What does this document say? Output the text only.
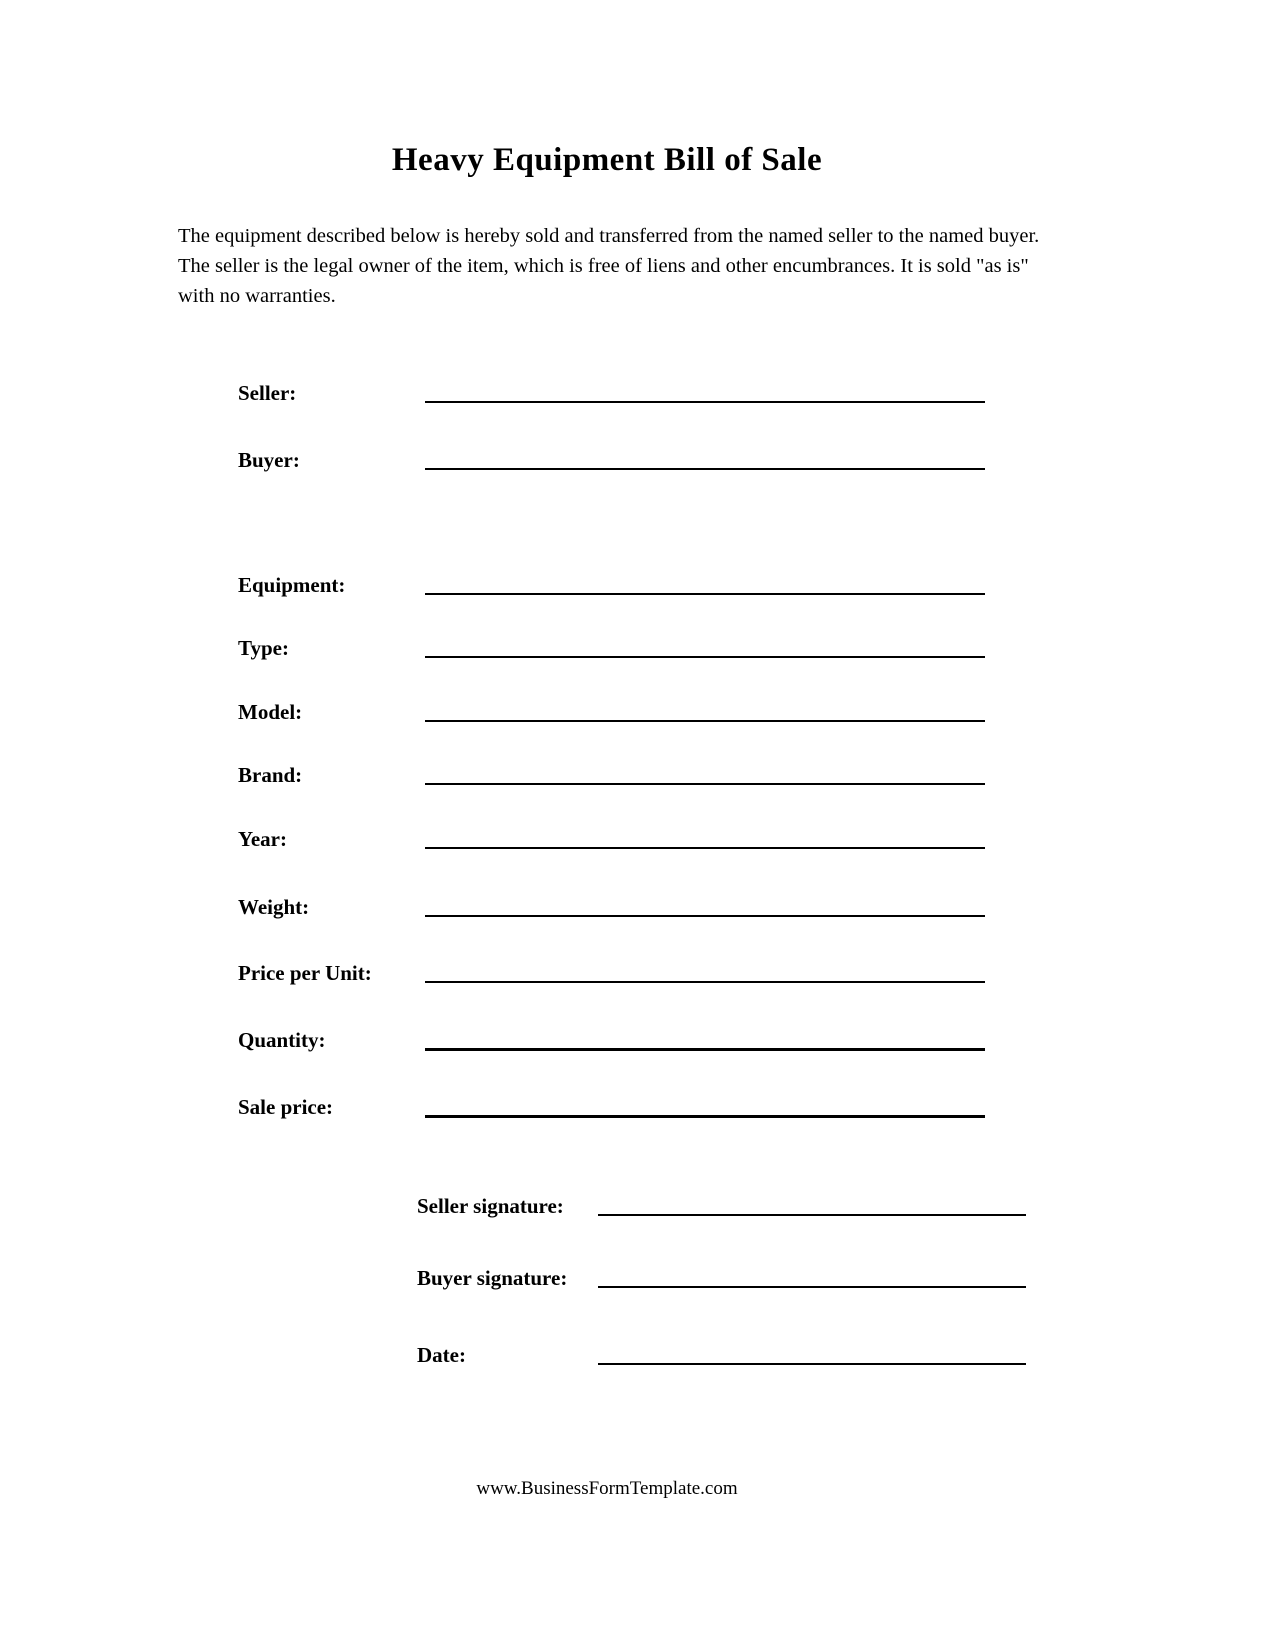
Heavy Equipment Bill of Sale
The equipment described below is hereby sold and transferred from the named seller to the named buyer. The seller is the legal owner of the item, which is free of liens and other encumbrances. It is sold "as is" with no warranties.
Seller:
Buyer:
Equipment:
Type:
Model:
Brand:
Year:
Weight:
Price per Unit:
Quantity:
Sale price:
Seller signature:
Buyer signature:
Date:
www.BusinessFormTemplate.com
